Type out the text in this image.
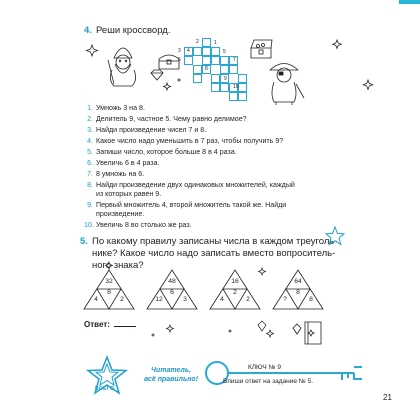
4. Реши кроссворд.
2	1
4
3	5
6	7
8
9
10
1. Умножь 3 на 8.
2. Делитель 9, частное 5. Чему равно делимое?
3. Найди произведение чисел 7 и 8.
4. Какое число надо уменьшить в 7 раз, чтобы получить 9?
5. Запиши число, которое больше 8 в 4 раза.
6. Увеличь 6 в 4 раза.
7. 8 умножь на 6.
8. Найди произведение двух одинаковых множителей, каждый
из которых равен 9.
9. Первый множитель 4, второй множитель такой же. Найди
произведение.
10. Увеличь 8 во столько же раз.
5. По какому правилу записаны числа в каждом треуголь-
нике? Какое число надо записать вместо вопроситель-
ного знака?
32
4
8
2
48
12
6
3
16
4
2
2
64
?
8
8
Ответ:
ВСЕГО
Читатель,
всё правильно!
КЛЮЧ № 9
Впиши ответ на задание № 5.
21
